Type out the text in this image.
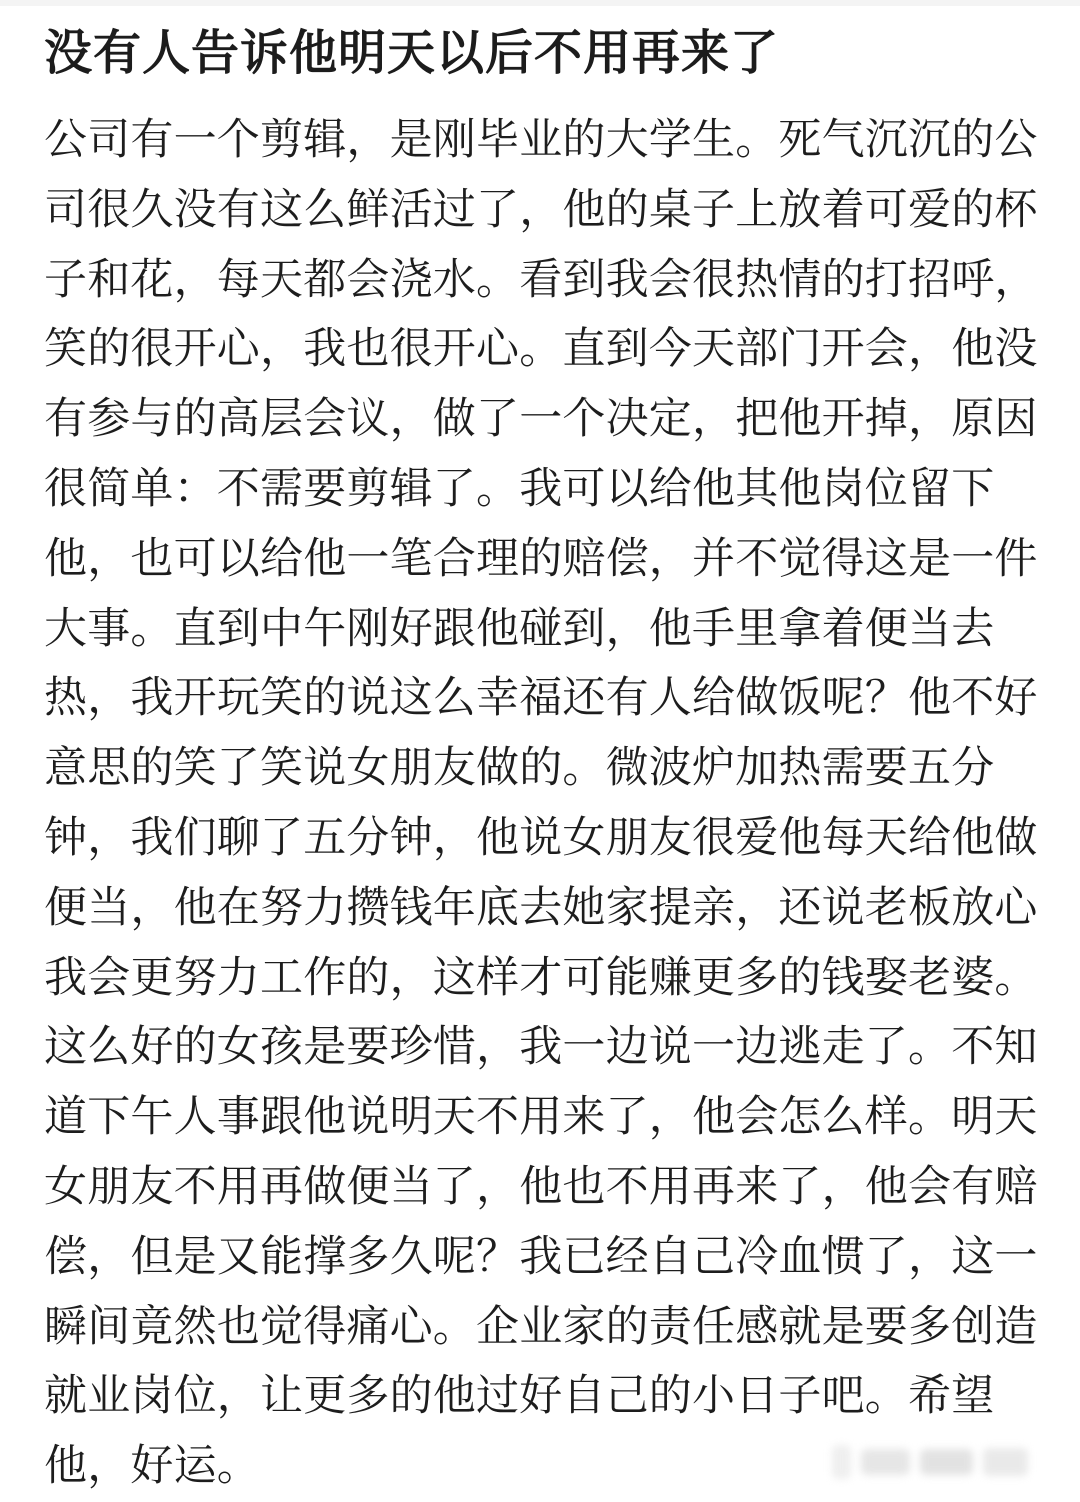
没有人告诉他明天以后不用再来了
公司有一个剪辑，是刚毕业的大学生。死气沉沉的公
司很久没有这么鲜活过了，他的桌子上放着可爱的杯
子和花，每天都会浇水。看到我会很热情的打招呼，
笑的很开心，我也很开心。直到今天部门开会，他没
有参与的高层会议，做了一个决定，把他开掉，原因
很简单：不需要剪辑了。我可以给他其他岗位留下
他，也可以给他一笔合理的赔偿，并不觉得这是一件
大事。直到中午刚好跟他碰到，他手里拿着便当去
热，我开玩笑的说这么幸福还有人给做饭呢？他不好
意思的笑了笑说女朋友做的。微波炉加热需要五分
钟，我们聊了五分钟，他说女朋友很爱他每天给他做
便当，他在努力攒钱年底去她家提亲，还说老板放心
我会更努力工作的，这样才可能赚更多的钱娶老婆。
这么好的女孩是要珍惜，我一边说一边逃走了。不知
道下午人事跟他说明天不用来了，他会怎么样。明天
女朋友不用再做便当了，他也不用再来了，他会有赔
偿，但是又能撑多久呢？我已经自己冷血惯了，这一
瞬间竟然也觉得痛心。企业家的责任感就是要多创造
就业岗位，让更多的他过好自己的小日子吧。希望
他，好运。
